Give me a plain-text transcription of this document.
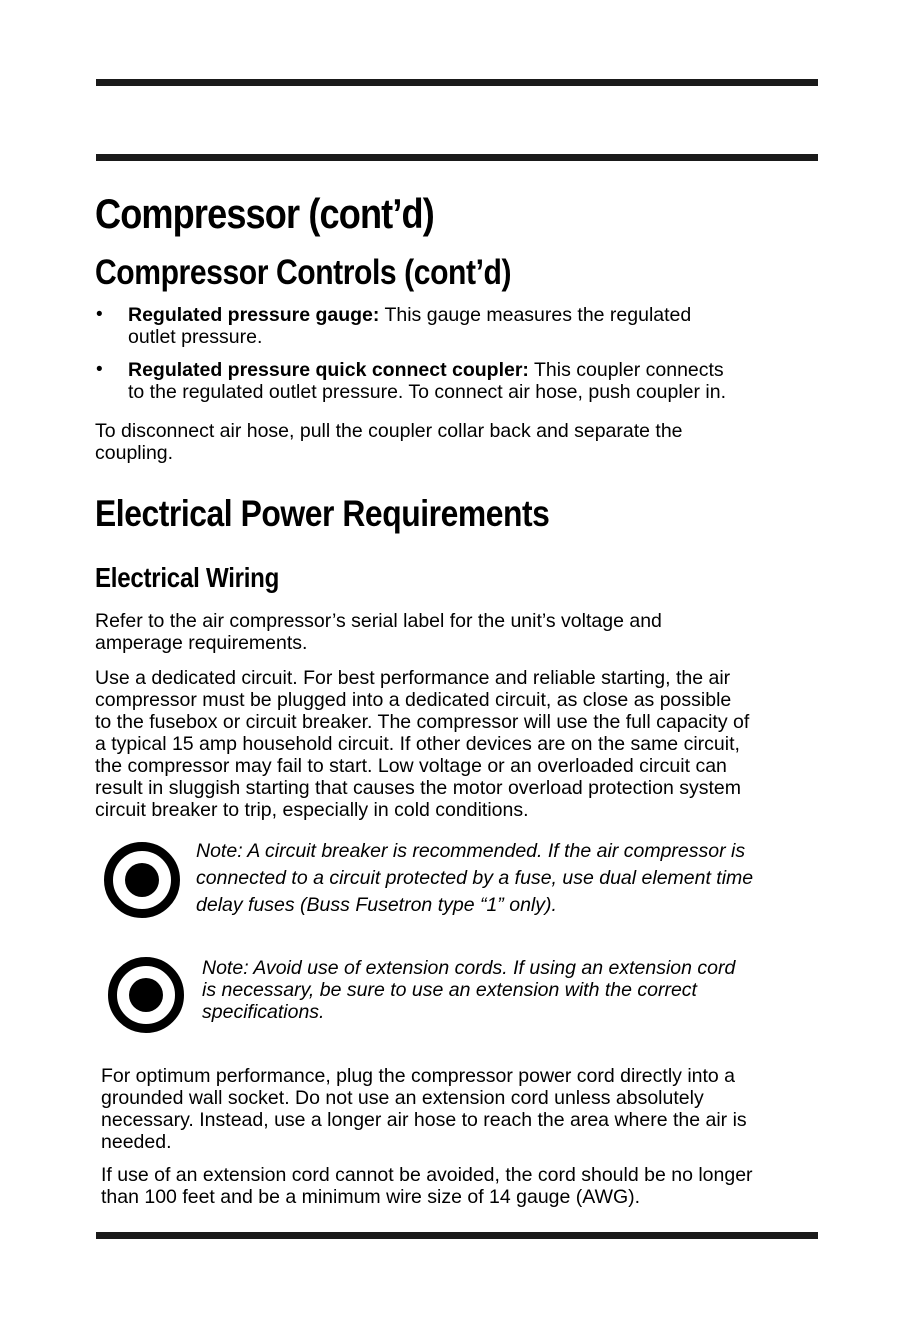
Compressor (cont’d)
Compressor Controls (cont’d)
• Regulated pressure gauge: This gauge measures the regulated
outlet pressure.
• Regulated pressure quick connect coupler: This coupler connects
to the regulated outlet pressure. To connect air hose, push coupler in.
To disconnect air hose, pull the coupler collar back and separate the
coupling.
Electrical Power Requirements
Electrical Wiring
Refer to the air compressor’s serial label for the unit’s voltage and
amperage requirements.
Use a dedicated circuit. For best performance and reliable starting, the air
compressor must be plugged into a dedicated circuit, as close as possible
to the fusebox or circuit breaker. The compressor will use the full capacity of
a typical 15 amp household circuit. If other devices are on the same circuit,
the compressor may fail to start. Low voltage or an overloaded circuit can
result in sluggish starting that causes the motor overload protection system
circuit breaker to trip, especially in cold conditions.
Note: A circuit breaker is recommended. If the air compressor is
connected to a circuit protected by a fuse, use dual element time
delay fuses (Buss Fusetron type “1” only).
Note: Avoid use of extension cords. If using an extension cord
is necessary, be sure to use an extension with the correct
specifications.
For optimum performance, plug the compressor power cord directly into a
grounded wall socket. Do not use an extension cord unless absolutely
necessary. Instead, use a longer air hose to reach the area where the air is
needed.
If use of an extension cord cannot be avoided, the cord should be no longer
than 100 feet and be a minimum wire size of 14 gauge (AWG).
